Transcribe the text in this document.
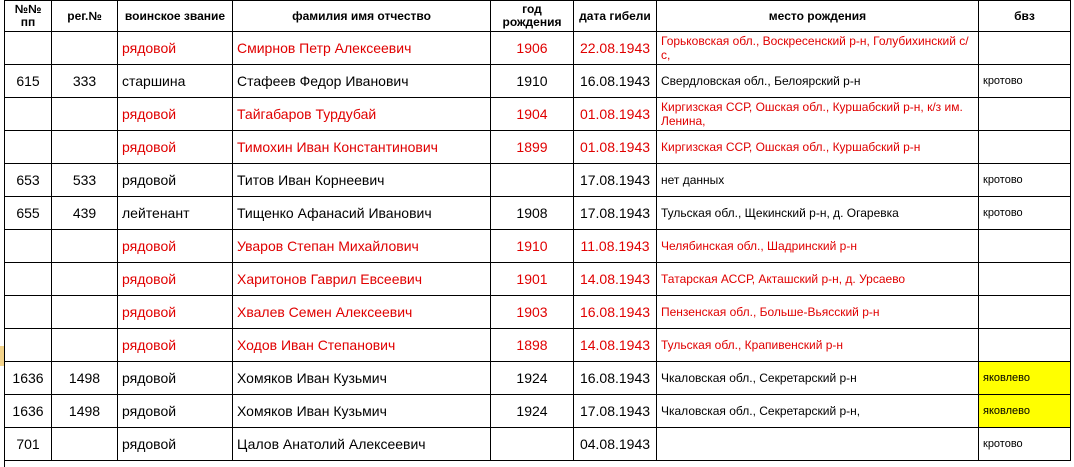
№№ пп	рег.№	воинское звание	фамилия имя отчество	год рождения	дата гибели	место рождения	бвз
		рядовой	Смирнов Петр Алексеевич	1906	22.08.1943	Горьковская обл., Воскресенский р-н, Голубихинский с/с,	
615	333	старшина	Стафеев Федор Иванович	1910	16.08.1943	Свердловская обл., Белоярский р-н	кротово
		рядовой	Тайгабаров Турдубай	1904	01.08.1943	Киргизская ССР, Ошская обл., Куршабский р-н, к/з им. Ленина,	
		рядовой	Тимохин Иван Константинович	1899	01.08.1943	Киргизская ССР, Ошская обл., Куршабский р-н	
653	533	рядовой	Титов Иван Корнеевич		17.08.1943	нет данных	кротово
655	439	лейтенант	Тищенко Афанасий Иванович	1908	17.08.1943	Тульская обл., Щекинский р-н, д. Огаревка	кротово
		рядовой	Уваров Степан Михайлович	1910	11.08.1943	Челябинская обл., Шадринский р-н	
		рядовой	Харитонов Гаврил Евсеевич	1901	14.08.1943	Татарская АССР, Акташский р-н, д. Урсаево	
		рядовой	Хвалев Семен Алексеевич	1903	16.08.1943	Пензенская обл., Больше-Вьясский р-н	
		рядовой	Ходов Иван Степанович	1898	14.08.1943	Тульская обл., Крапивенский р-н	
1636	1498	рядовой	Хомяков Иван Кузьмич	1924	16.08.1943	Чкаловская обл., Секретарский р-н	яковлево
1636	1498	рядовой	Хомяков Иван Кузьмич	1924	17.08.1943	Чкаловская обл., Секретарский р-н,	яковлево
701		рядовой	Цалов Анатолий Алексеевич		04.08.1943		кротово
